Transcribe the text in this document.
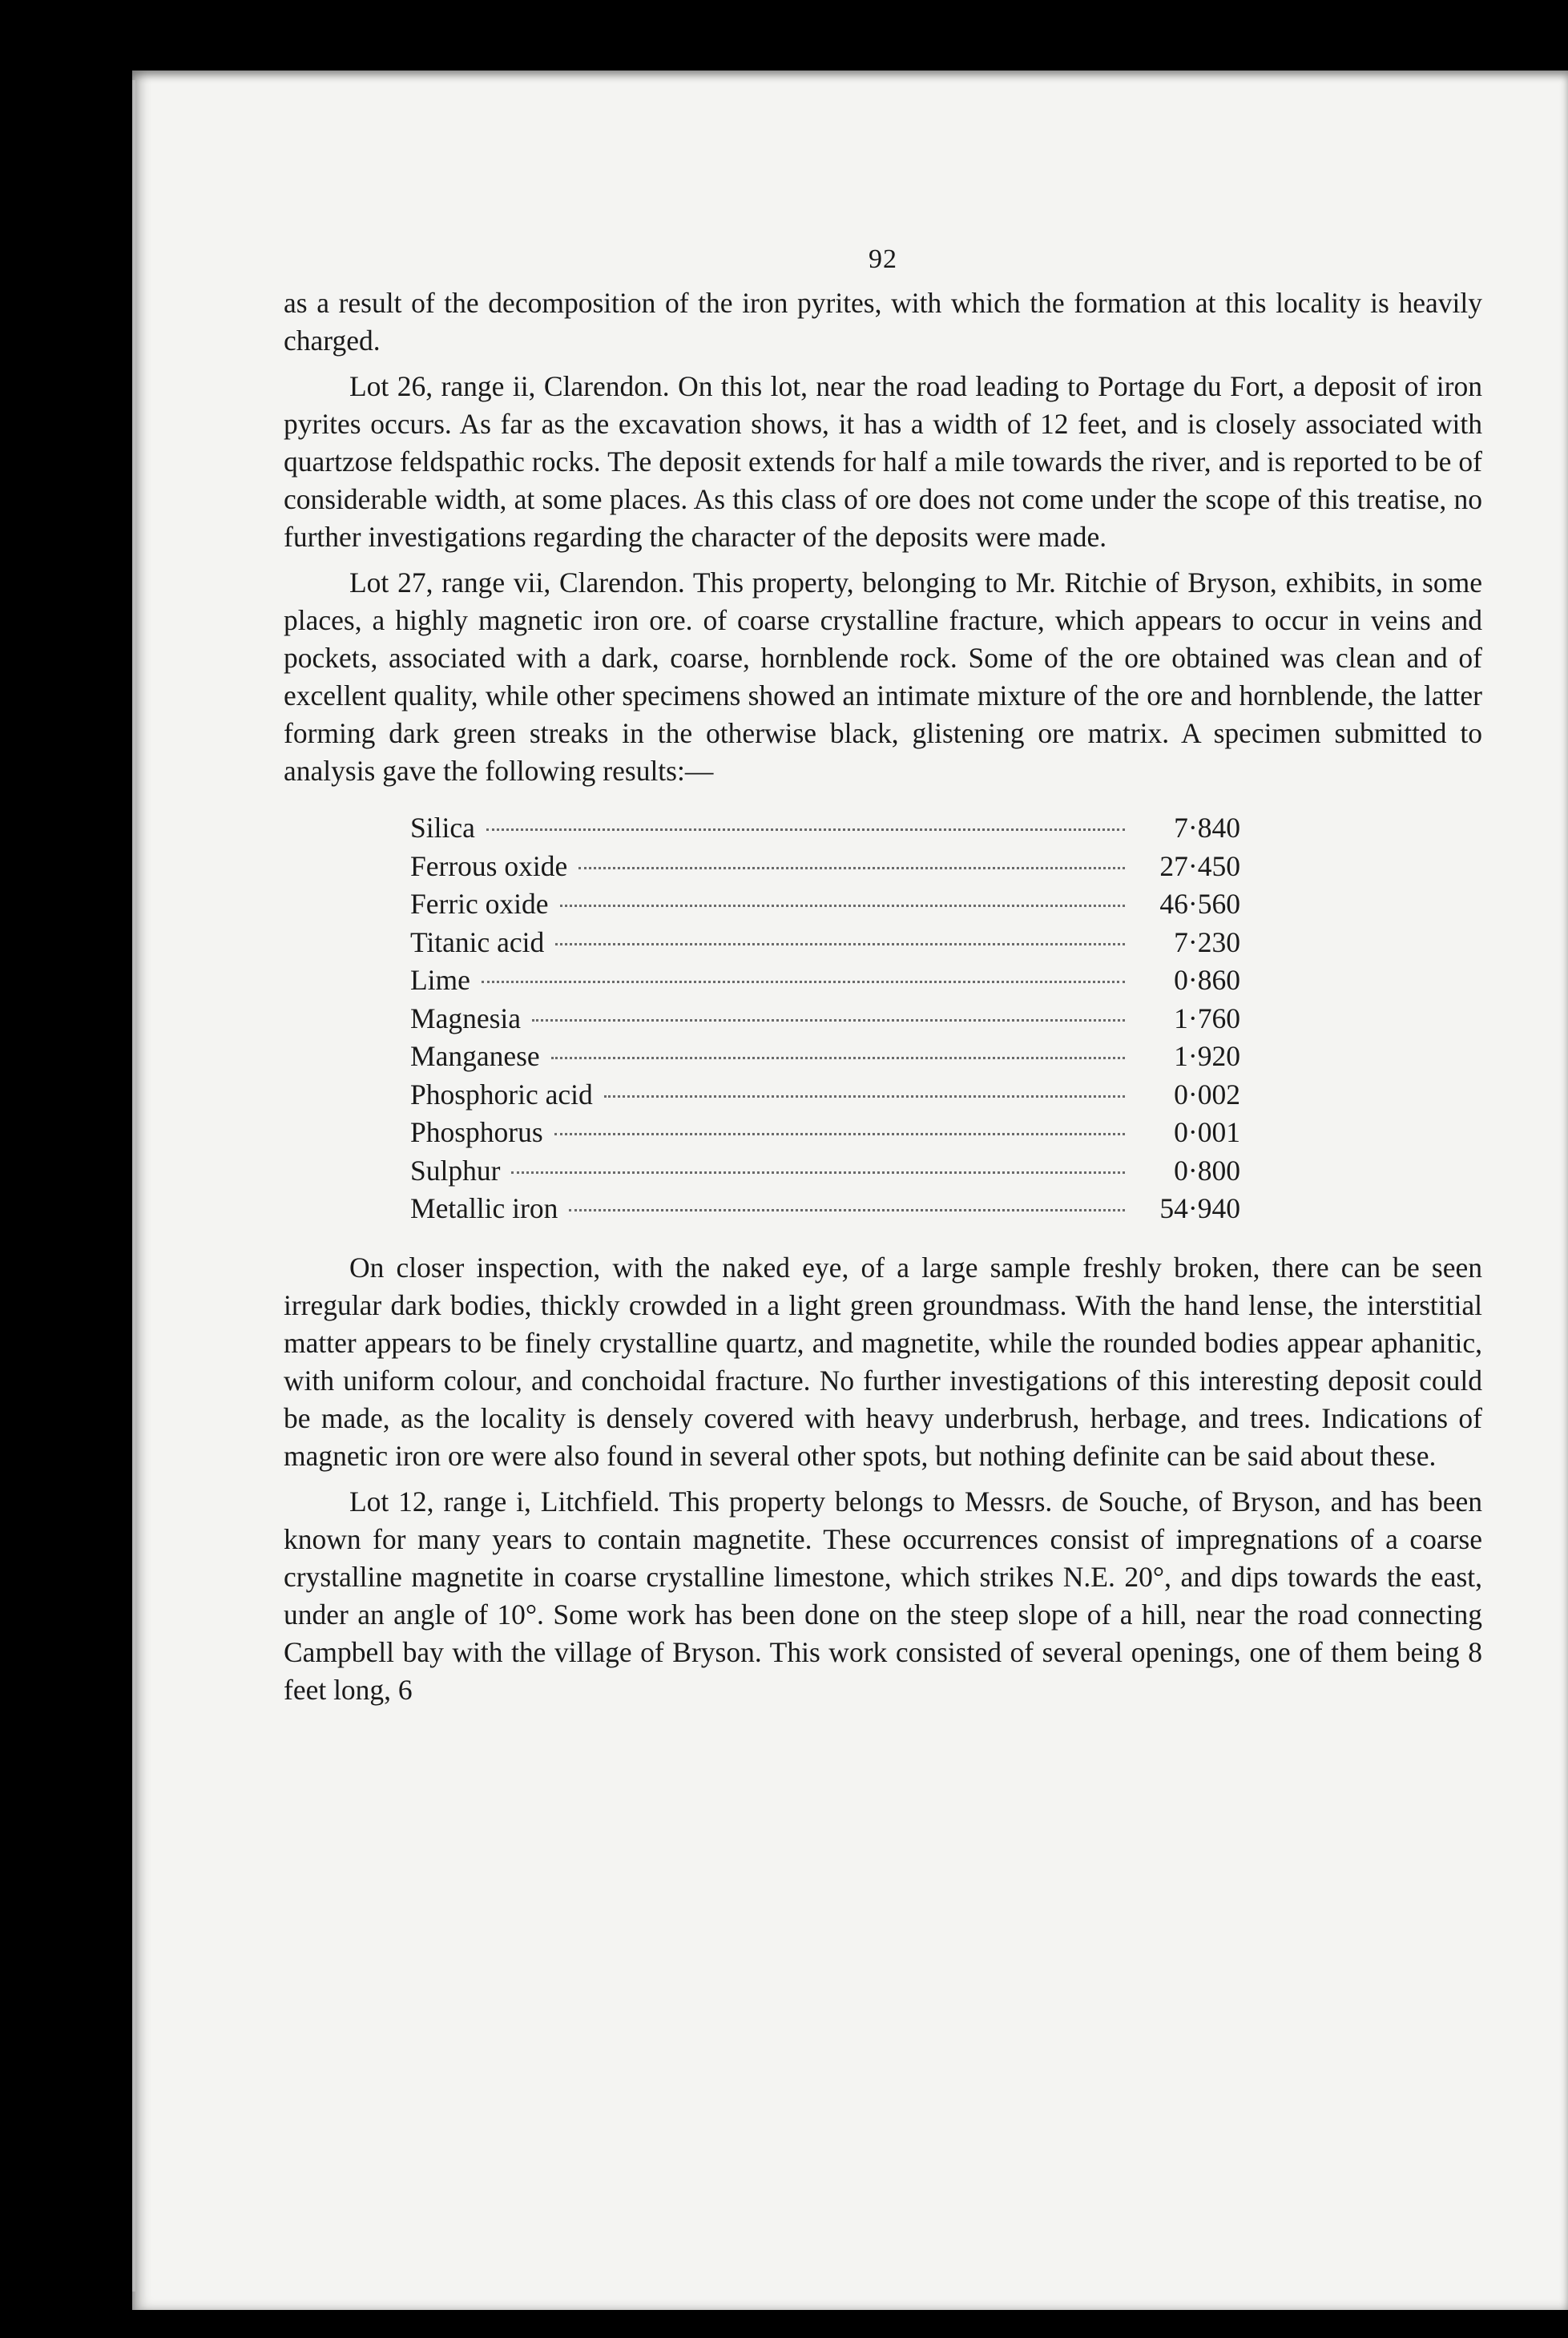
92

as a result of the decomposition of the iron pyrites, with which the formation at this locality is heavily charged.

Lot 26, range ii, Clarendon. On this lot, near the road leading to Portage du Fort, a deposit of iron pyrites occurs. As far as the excavation shows, it has a width of 12 feet, and is closely associated with quartzose feldspathic rocks. The deposit extends for half a mile towards the river, and is reported to be of considerable width, at some places. As this class of ore does not come under the scope of this treatise, no further investigations regarding the character of the deposits were made.

Lot 27, range vii, Clarendon. This property, belonging to Mr. Ritchie of Bryson, exhibits, in some places, a highly magnetic iron ore. of coarse crystalline fracture, which appears to occur in veins and pockets, associated with a dark, coarse, hornblende rock. Some of the ore obtained was clean and of excellent quality, while other specimens showed an intimate mixture of the ore and hornblende, the latter forming dark green streaks in the otherwise black, glistening ore matrix. A specimen submitted to analysis gave the following results:—

Silica	7·840
Ferrous oxide	27·450
Ferric oxide	46·560
Titanic acid	7·230
Lime	0·860
Magnesia	1·760
Manganese	1·920
Phosphoric acid	0·002
Phosphorus	0·001
Sulphur	0·800
Metallic iron	54·940

On closer inspection, with the naked eye, of a large sample freshly broken, there can be seen irregular dark bodies, thickly crowded in a light green groundmass. With the hand lense, the interstitial matter appears to be finely crystalline quartz, and magnetite, while the rounded bodies appear aphanitic, with uniform colour, and conchoidal fracture. No further investigations of this interesting deposit could be made, as the locality is densely covered with heavy underbrush, herbage, and trees. Indications of magnetic iron ore were also found in several other spots, but nothing definite can be said about these.

Lot 12, range i, Litchfield. This property belongs to Messrs. de Souche, of Bryson, and has been known for many years to contain magnetite. These occurrences consist of impregnations of a coarse crystalline magnetite in coarse crystalline limestone, which strikes N.E. 20°, and dips towards the east, under an angle of 10°. Some work has been done on the steep slope of a hill, near the road connecting Campbell bay with the village of Bryson. This work consisted of several openings, one of them being 8 feet long, 6
